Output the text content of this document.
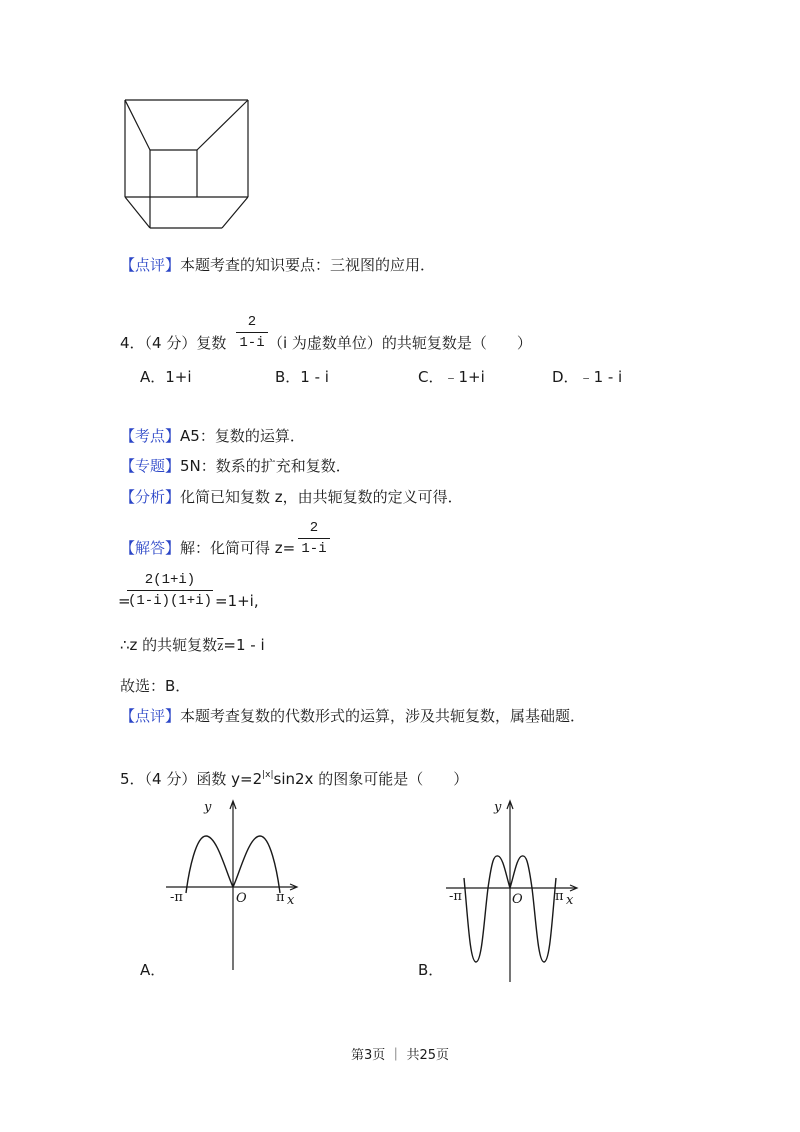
【点评】本题考查的知识要点：三视图的应用．
4．（4 分）复数
2
1-i （i 为虚数单位）的共轭复数是（　　）
A．1+i	B．1 - i	C．﹣1+i	D．﹣1 - i
【考点】A5：复数的运算．
【专题】5N：数系的扩充和复数．
【分析】化简已知复数 z，由共轭复数的定义可得．
【解答】解：化简可得 z=
2
1-i
=
2(1+i)
(1-i)(1+i) =1+i,
∴z 的共轭复数$\overline{z}=1 - i$
故选：B．
【点评】本题考查复数的代数形式的运算，涉及共轭复数，属基础题．
5．（4 分）函数 $y=2^{|x|}\sin 2x$ 的图象可能是（　　）
y
-π	O π x
A．
y
-π	O π x
B．
第3页 ｜ 共25页
